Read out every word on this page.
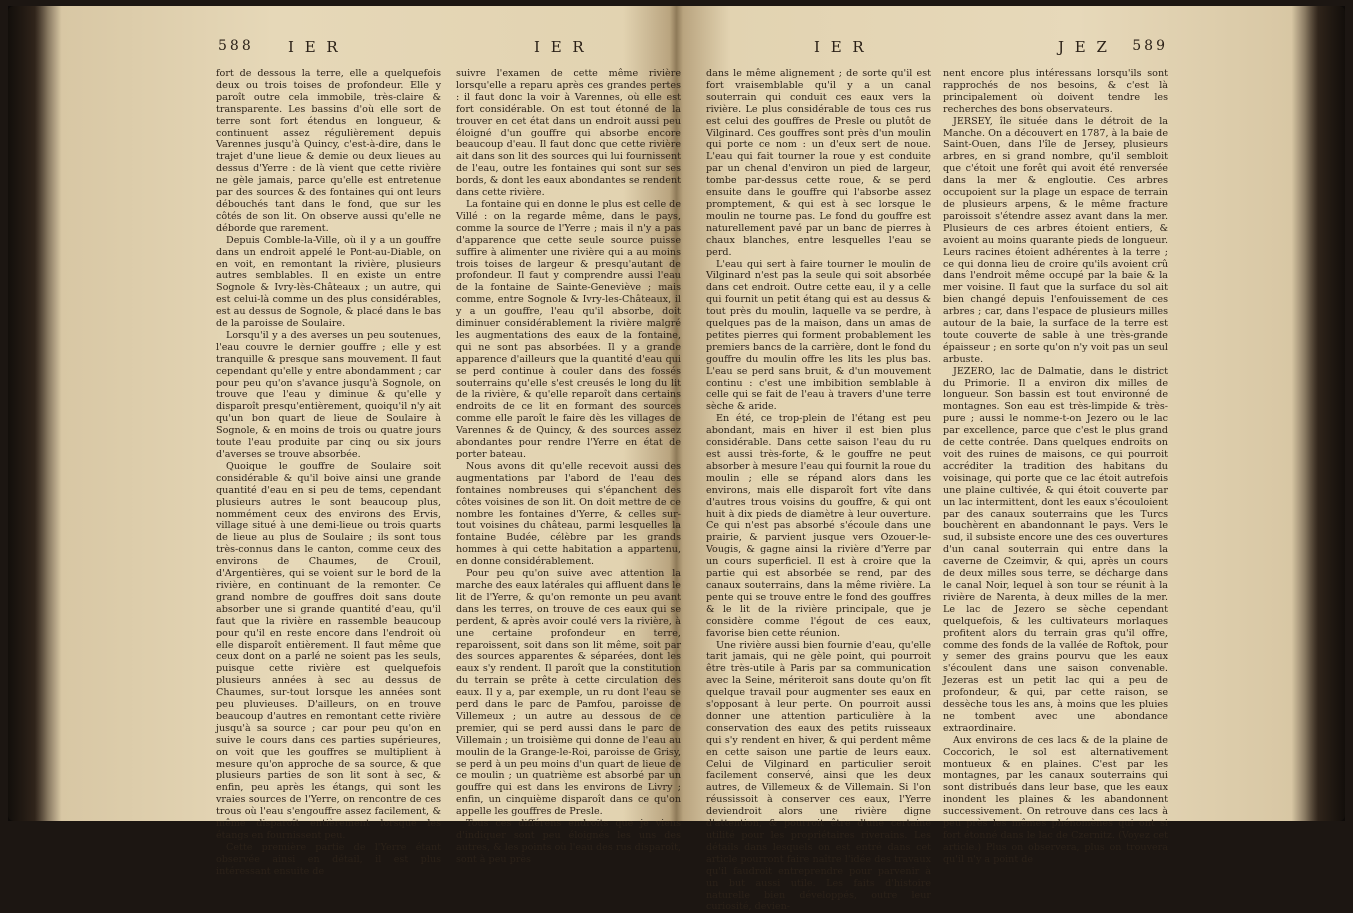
588 I E R	I E R

fort de dessous la terre, elle a quelquefois deux ou trois toises de profondeur. Elle y paroît outre cela immobile, très-claire & transparente. Les bassins d'où elle sort de terre sont fort étendus en longueur, & continuent assez régulièrement depuis Varennes jusqu'à Quincy, c'est-à-dire, dans le trajet d'une lieue & demie ou deux lieues au dessus d'Yerre : de là vient que cette rivière ne gèle jamais, parce qu'elle est entretenue par des sources & des fontaines qui ont leurs débouchés tant dans le fond, que sur les côtés de son lit. On observe aussi qu'elle ne déborde que rarement.

Depuis Comble-la-Ville, où il y a un gouffre dans un endroit appelé le Pont-au-Diable, on en voit, en remontant la rivière, plusieurs autres semblables. Il en existe un entre Sognole & Ivry-lès-Châteaux ; un autre, qui est celui-là comme un des plus considérables, est au dessus de Sognole, & placé dans le bas de la paroisse de Soulaire.

Lorsqu'il y a des averses un peu soutenues, l'eau couvre le dernier gouffre ; elle y est tranquille & presque sans mouvement. Il faut cependant qu'elle y entre abondamment ; car pour peu qu'on s'avance jusqu'à Sognole, on trouve que l'eau y diminue & qu'elle y disparoît presqu'entièrement, quoiqu'il n'y ait qu'un bon quart de lieue de Soulaire à Sognole, & en moins de trois ou quatre jours toute l'eau produite par cinq ou six jours d'averses se trouve absorbée.

Quoique le gouffre de Soulaire soit considérable & qu'il boive ainsi une grande quantité d'eau en si peu de tems, cependant plusieurs autres le sont beaucoup plus, nommément ceux des environs des Ervis, village situé à une demi-lieue ou trois quarts de lieue au plus de Soulaire ; ils sont tous très-connus dans le canton, comme ceux des environs de Chaumes, de Crouil, d'Argentières, qui se voient sur le bord de la rivière, en continuant de la remonter. Ce grand nombre de gouffres doit sans doute absorber une si grande quantité d'eau, qu'il faut que la rivière en rassemble beaucoup pour qu'il en reste encore dans l'endroit où elle disparoît entièrement. Il faut même que ceux dont on a parlé ne soient pas les seuls, puisque cette rivière est quelquefois plusieurs années à sec au dessus de Chaumes, sur-tout lorsque les années sont peu pluvieuses. D'ailleurs, on en trouve beaucoup d'autres en remontant cette rivière jusqu'à sa source ; car pour peu qu'on en suive le cours dans ces parties supérieures, on voit que les gouffres se multiplient à mesure qu'on approche de sa source, & que plusieurs parties de son lit sont à sec, & enfin, peu après les étangs, qui sont les vraies sources de l'Yerre, on rencontre de ces trous où l'eau s'engouffre assez facilement, & même disparoît entièrement lorsque les étangs en fournissent peu.

Cette première partie de l'Yerre étant observée ainsi en détail, il est plus intéressant ensuite de

suivre l'examen de cette même rivière lorsqu'elle a reparu après ces grandes pertes : il faut donc la voir à Varennes, où elle est fort considérable. On est tout étonné de la trouver en cet état dans un endroit aussi peu éloigné d'un gouffre qui absorbe encore beaucoup d'eau. Il faut donc que cette rivière ait dans son lit des sources qui lui fournissent de l'eau, outre les fontaines qui sont sur ses bords, & dont les eaux abondantes se rendent dans cette rivière.

La fontaine qui en donne le plus est celle de Villé : on la regarde même, dans le pays, comme la source de l'Yerre ; mais il n'y a pas d'apparence que cette seule source puisse suffire à alimenter une rivière qui a au moins trois toises de largeur & presqu'autant de profondeur. Il faut y comprendre aussi l'eau de la fontaine de Sainte-Geneviève ; mais comme, entre Sognole & Ivry-les-Châteaux, il y a un gouffre, l'eau qu'il absorbe, doit diminuer considérablement la rivière malgré les augmentations des eaux de la fontaine, qui ne sont pas absorbées. Il y a grande apparence d'ailleurs que la quantité d'eau qui se perd continue à couler dans des fossés souterrains qu'elle s'est creusés le long du lit de la rivière, & qu'elle reparoît dans certains endroits de ce lit en formant des sources comme elle paroît le faire dès les villages de Varennes & de Quincy, & des sources assez abondantes pour rendre l'Yerre en état de porter bateau.

Nous avons dit qu'elle recevoit aussi des augmentations par l'abord de l'eau des fontaines nombreuses qui s'épanchent des côtes voisines de son lit. On doit mettre de ce nombre les fontaines d'Yerre, & celles sur-tout voisines du château, parmi lesquelles la fontaine Budée, célèbre par les grands hommes à qui cette habitation a appartenu, en donne considérablement.

Pour peu qu'on suive avec attention la marche des eaux latérales qui affluent dans le lit de l'Yerre, & qu'on remonte un peu avant dans les terres, on trouve de ces eaux qui se perdent, & après avoir coulé vers la rivière, à une certaine profondeur en terre, reparoissent, soit dans son lit même, soit par des sources apparentes & séparées, dont les eaux s'y rendent. Il paroît que la constitution du terrain se prête à cette circulation des eaux. Il y a, par exemple, un ru dont l'eau se perd dans le parc de Pamfou, paroisse de Villemeux ; un autre au dessous de ce premier, qui se perd aussi dans le parc de Villemain ; un troisième qui donne de l'eau au moulin de la Grange-le-Roi, paroisse de Grisy, se perd à un peu moins d'un quart de lieue de ce moulin ; un quatrième est absorbé par un gouffre qui est dans les environs de Livry ; enfin, un cinquième disparoît dans ce qu'on appelle les gouffres de Presle.

Tous ces différens endroits que je viens d'indiquer sont peu éloignés les uns des autres, & les points où l'eau des rus disparoît, sont à peu près

I E R	J E Z 589

dans le même alignement ; de sorte qu'il est fort vraisemblable qu'il y a un canal souterrain qui conduit ces eaux vers la rivière. Le plus considérable de tous ces rus est celui des gouffres de Presle ou plutôt de Vilginard. Ces gouffres sont près d'un moulin qui porte ce nom : un d'eux sert de noue. L'eau qui fait tourner la roue y est conduite par un chenal d'environ un pied de largeur, tombe par-dessus cette roue, & se perd ensuite dans le gouffre qui l'absorbe assez promptement, & qui est à sec lorsque le moulin ne tourne pas. Le fond du gouffre est naturellement pavé par un banc de pierres à chaux blanches, entre lesquelles l'eau se perd.

L'eau qui sert à faire tourner le moulin de Vilginard n'est pas la seule qui soit absorbée dans cet endroit. Outre cette eau, il y a celle qui fournit un petit étang qui est au dessus & tout près du moulin, laquelle va se perdre, à quelques pas de la maison, dans un amas de petites pierres qui forment probablement les premiers bancs de la carrière, dont le fond du gouffre du moulin offre les lits les plus bas. L'eau se perd sans bruit, & d'un mouvement continu : c'est une imbibition semblable à celle qui se fait de l'eau à travers d'une terre sèche & aride.

En été, ce trop-plein de l'étang est peu abondant, mais en hiver il est bien plus considérable. Dans cette saison l'eau du ru est aussi très-forte, & le gouffre ne peut absorber à mesure l'eau qui fournit la roue du moulin ; elle se répand alors dans les environs, mais elle disparoît fort vîte dans d'autres trous voisins du gouffre, & qui ont huit à dix pieds de diamètre à leur ouverture. Ce qui n'est pas absorbé s'écoule dans une prairie, & parvient jusque vers Ozouer-le-Vougis, & gagne ainsi la rivière d'Yerre par un cours superficiel. Il est à croire que la partie qui est absorbée se rend, par des canaux souterrains, dans la même rivière. La pente qui se trouve entre le fond des gouffres & le lit de la rivière principale, que je considère comme l'égout de ces eaux, favorise bien cette réunion.

Une rivière aussi bien fournie d'eau, qu'elle tarit jamais, qui ne gèle point, qui pourroit être très-utile à Paris par sa communication avec la Seine, mériteroit sans doute qu'on fît quelque travail pour augmenter ses eaux en s'opposant à leur perte. On pourroit aussi donner une attention particulière à la conservation des eaux des petits ruisseaux qui s'y rendent en hiver, & qui perdent même en cette saison une partie de leurs eaux. Celui de Vilginard en particulier seroit facilement conservé, ainsi que les deux autres, de Villemeux & de Villemain. Si l'on réussissoit à conserver ces eaux, l'Yerre deviendroit alors une rivière digne d'attention, & pourroit être d'une certaine utilité pour les propriétaires riverains. Les détails dans lesquels on est entré dans cet article pourront faire naître l'idée des travaux qu'il faudroit entreprendre pour parvenir à un but aussi utile. Les faits d'histoire naturelle bien développés, outre leur curiosité, devien-

nent encore plus intéressans lorsqu'ils sont rapprochés de nos besoins, & c'est là principalement où doivent tendre les recherches des bons observateurs.

JERSEY, île située dans le détroit de la Manche. On a découvert en 1787, à la baie de Saint-Ouen, dans l'île de Jersey, plusieurs arbres, en si grand nombre, qu'il sembloit que c'étoit une forêt qui avoit été renversée dans la mer & engloutie. Ces arbres occupoient sur la plage un espace de terrain de plusieurs arpens, & le même fracture paroissoit s'étendre assez avant dans la mer. Plusieurs de ces arbres étoient entiers, & avoient au moins quarante pieds de longueur. Leurs racines étoient adhérentes à la terre ; ce qui donna lieu de croire qu'ils avoient crû dans l'endroit même occupé par la baie & la mer voisine. Il faut que la surface du sol ait bien changé depuis l'enfouissement de ces arbres ; car, dans l'espace de plusieurs milles autour de la baie, la surface de la terre est toute couverte de sable à une très-grande épaisseur ; en sorte qu'on n'y voit pas un seul arbuste.

JEZERO, lac de Dalmatie, dans le district du Primorie. Il a environ dix milles de longueur. Son bassin est tout environné de montagnes. Son eau est très-limpide & très-pure ; aussi le nomme-t-on Jezero ou le lac par excellence, parce que c'est le plus grand de cette contrée. Dans quelques endroits on voit des ruines de maisons, ce qui pourroit accréditer la tradition des habitans du voisinage, qui porte que ce lac étoit autrefois une plaine cultivée, & qui étoit couverte par un lac intermittent, dont les eaux s'écouloient par des canaux souterrains que les Turcs bouchèrent en abandonnant le pays. Vers le sud, il subsiste encore une des ces ouvertures d'un canal souterrain qui entre dans la caverne de Czeimvir, & qui, après un cours de deux milles sous terre, se décharge dans le canal Noir, lequel à son tour se réunit à la rivière de Narenta, à deux milles de la mer. Le lac de Jezero se sèche cependant quelquefois, & les cultivateurs morlaques profitent alors du terrain gras qu'il offre, comme des fonds de la vallée de Roftok, pour y semer des grains pourvu que les eaux s'écoulent dans une saison convenable. Jezeras est un petit lac qui a peu de profondeur, & qui, par cette raison, se dessèche tous les ans, à moins que les pluies ne tombent avec une abondance extraordinaire.

Aux environs de ces lacs & de la plaine de Coccorich, le sol est alternativement montueux & en plaines. C'est par les montagnes, par les canaux souterrains qui sont distribués dans leur base, que les eaux inondent les plaines & les abandonnent successivement. On retrouve dans ces lacs à peu près les mêmes phénomènes qui ont si fort étonné dans le lac de Czernitz. (Voyez cet article.) Plus on observera, plus on trouvera qu'il n'y a point de
